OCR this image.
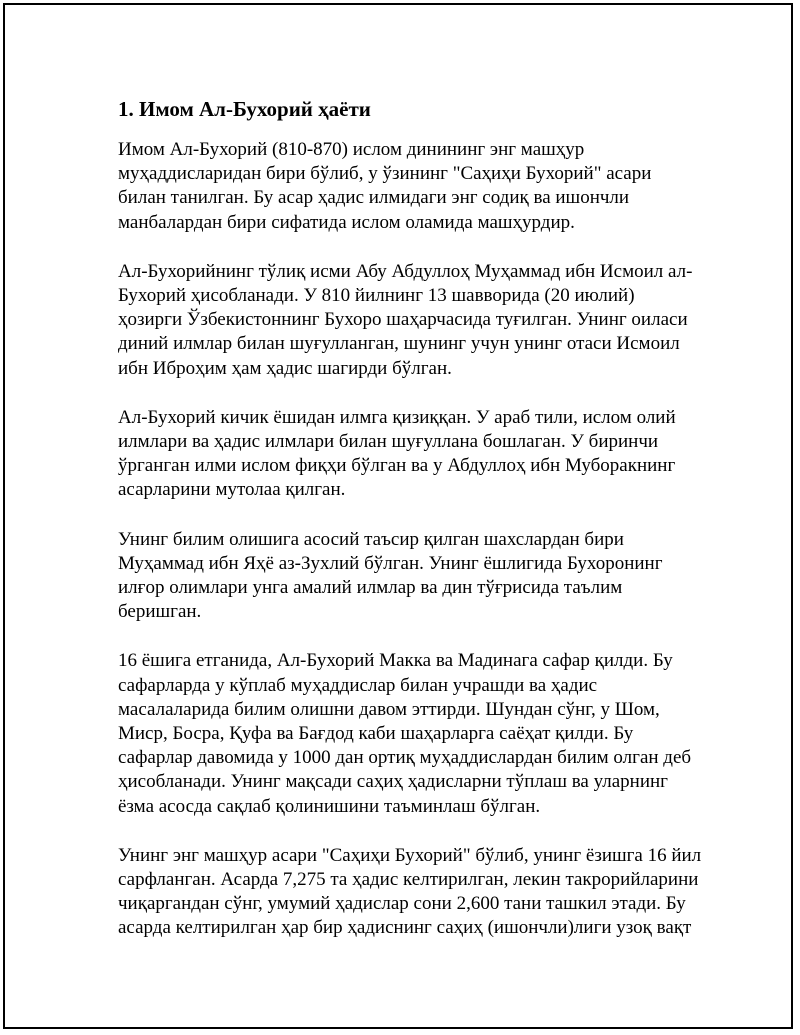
1. Имом Ал-Бухорий ҳаёти

Имом Ал-Бухорий (810-870) ислом динининг энг машҳур
муҳаддисларидан бири бўлиб, у ўзининг "Саҳиҳи Бухорий" асари
билан танилган. Бу асар ҳадис илмидаги энг содиқ ва ишончли
манбалардан бири сифатида ислом оламида машҳурдир.

Ал-Бухорийнинг тўлиқ исми Абу Абдуллоҳ Муҳаммад ибн Исмоил ал-
Бухорий ҳисобланади. У 810 йилнинг 13 шавворида (20 июлий)
ҳозирги Ўзбекистоннинг Бухоро шаҳарчасида туғилган. Унинг оиласи
диний илмлар билан шуғулланган, шунинг учун унинг отаси Исмоил
ибн Иброҳим ҳам ҳадис шагирди бўлган.

Ал-Бухорий кичик ёшидан илмга қизиққан. У араб тили, ислом олий
илмлари ва ҳадис илмлари билан шуғуллана бошлаган. У биринчи
ўрганган илми ислом фиқҳи бўлган ва у Абдуллоҳ ибн Муборакнинг
асарларини мутолаа қилган.

Унинг билим олишига асосий таъсир қилган шахслардан бири
Муҳаммад ибн Яҳё аз-Зухлий бўлган. Унинг ёшлигида Бухоронинг
илғор олимлари унга амалий илмлар ва дин тўғрисида таълим
беришган.

16 ёшига етганида, Ал-Бухорий Макка ва Мадинага сафар қилди. Бу
сафарларда у кўплаб муҳаддислар билан учрашди ва ҳадис
масалаларида билим олишни давом эттирди. Шундан сўнг, у Шом,
Миср, Босра, Қуфа ва Бағдод каби шаҳарларга саёҳат қилди. Бу
сафарлар давомида у 1000 дан ортиқ муҳаддислардан билим олган деб
ҳисобланади. Унинг мақсади саҳиҳ ҳадисларни тўплаш ва уларнинг
ёзма асосда сақлаб қолинишини таъминлаш бўлган.

Унинг энг машҳур асари "Саҳиҳи Бухорий" бўлиб, унинг ёзишга 16 йил
сарфланган. Асарда 7,275 та ҳадис келтирилган, лекин такрорийларини
чиқаргандан сўнг, умумий ҳадислар сони 2,600 тани ташкил этади. Бу
асарда келтирилган ҳар бир ҳадиснинг саҳиҳ (ишончли)лиги узоқ вақт
